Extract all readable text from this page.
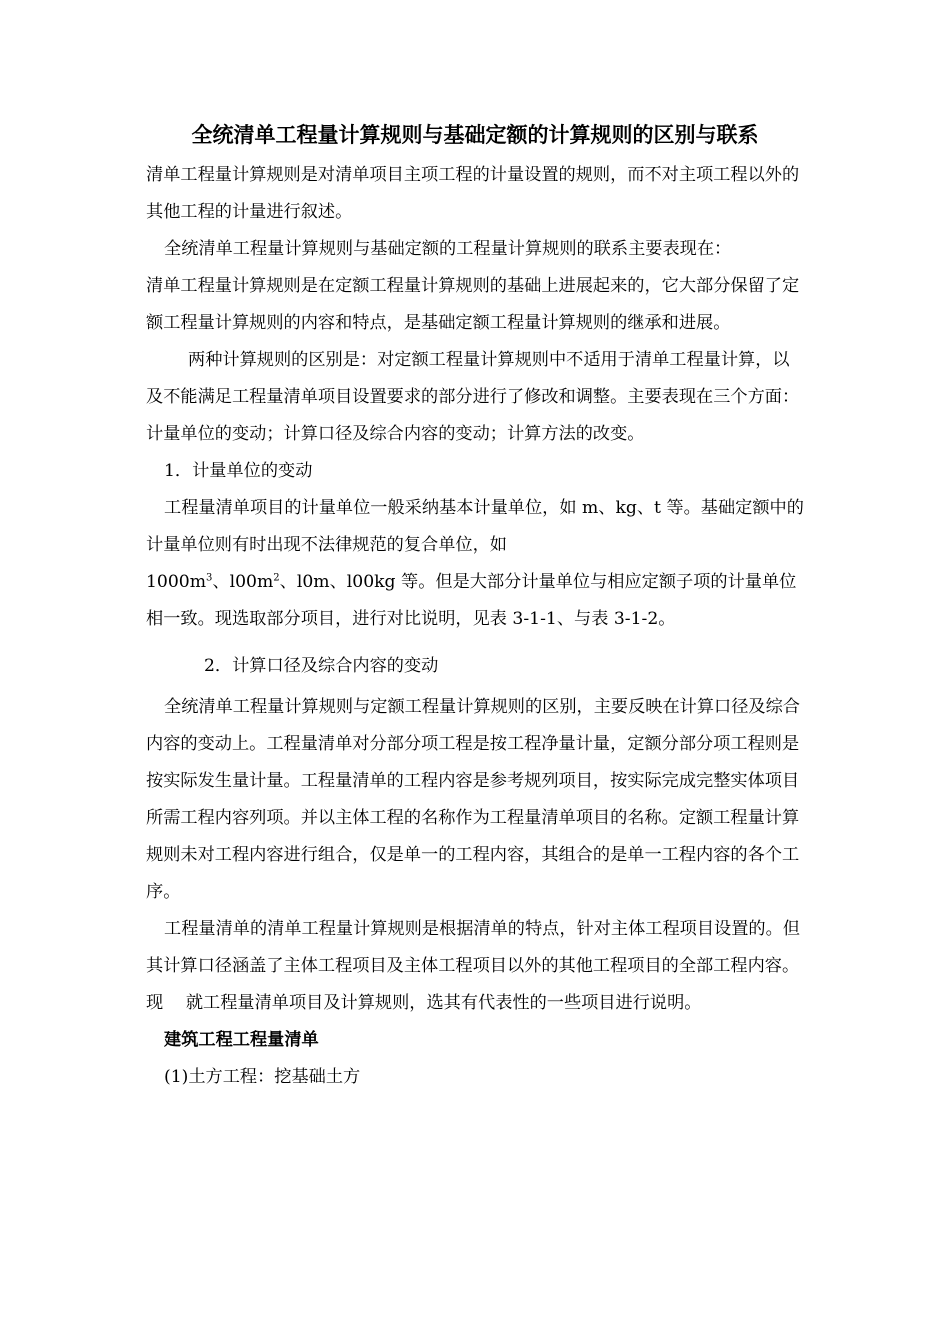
全统清单工程量计算规则与基础定额的计算规则的区别与联系

清单工程量计算规则是对清单项目主项工程的计量设置的规则，而不对主项工程以外的其他工程的计量进行叙述。

全统清单工程量计算规则与基础定额的工程量计算规则的联系主要表现在：

清单工程量计算规则是在定额工程量计算规则的基础上进展起来的，它大部分保留了定额工程量计算规则的内容和特点，是基础定额工程量计算规则的继承和进展。

两种计算规则的区别是：对定额工程量计算规则中不适用于清单工程量计算，以及不能满足工程量清单项目设置要求的部分进行了修改和调整。主要表现在三个方面：计量单位的变动；计算口径及综合内容的变动；计算方法的改变。

1．计量单位的变动

工程量清单项目的计量单位一般采纳基本计量单位，如 m、kg、t 等。基础定额中的计量单位则有时出现不法律规范的复合单位，如

$1000m^3$、$l00m^2$、l0m、l00kg 等。但是大部分计量单位与相应定额子项的计量单位相一致。现选取部分项目，进行对比说明，见表 3-1-1、与表 3-1-2。

2．计算口径及综合内容的变动

全统清单工程量计算规则与定额工程量计算规则的区别，主要反映在计算口径及综合内容的变动上。工程量清单对分部分项工程是按工程净量计量，定额分部分项工程则是按实际发生量计量。工程量清单的工程内容是参考规列项目，按实际完成完整实体项目所需工程内容列项。并以主体工程的名称作为工程量清单项目的名称。定额工程量计算规则未对工程内容进行组合，仅是单一的工程内容，其组合的是单一工程内容的各个工序。

工程量清单的清单工程量计算规则是根据清单的特点，针对主体工程项目设置的。但　 其计算口径涵盖了主体工程项目及主体工程项目以外的其他工程项目的全部工程内容。现　 就工程量清单项目及计算规则，选其有代表性的一些项目进行说明。

建筑工程工程量清单

(1)土方工程：挖基础土方
